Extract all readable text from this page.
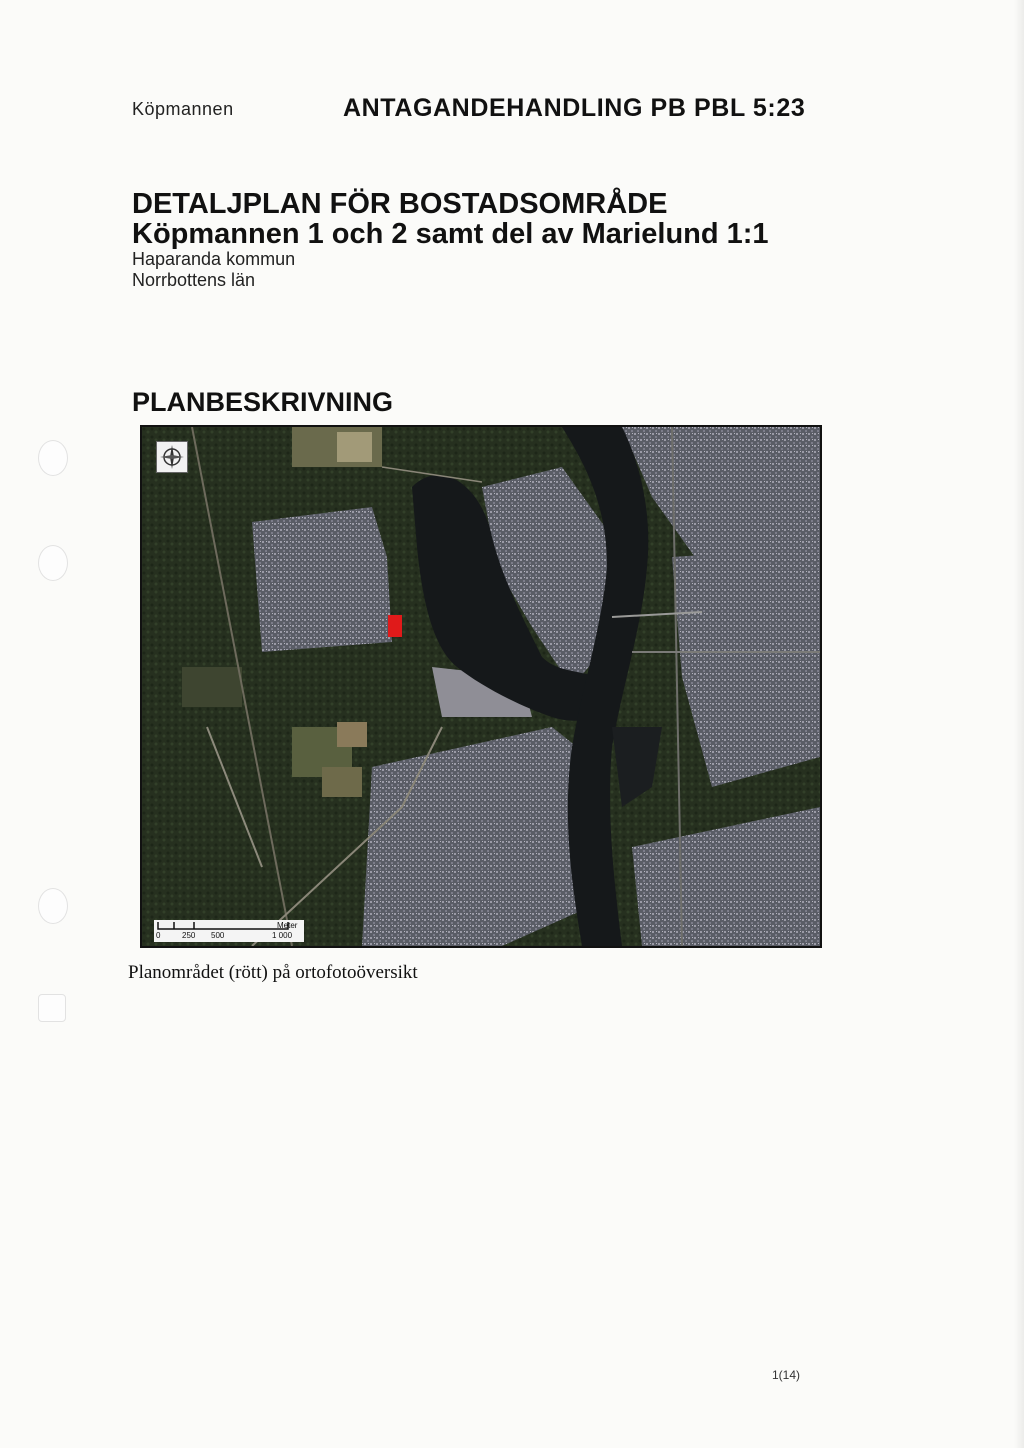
Köpmannen	ANTAGANDEHANDLING PB PBL 5:23
DETALJPLAN FÖR BOSTADSOMRÅDE
Köpmannen 1 och 2 samt del av Marielund 1:1
Haparanda kommun
Norrbottens län
PLANBESKRIVNING
0	250 500	1 000
Meter
Planområdet (rött) på ortofotoöversikt
1(14)
